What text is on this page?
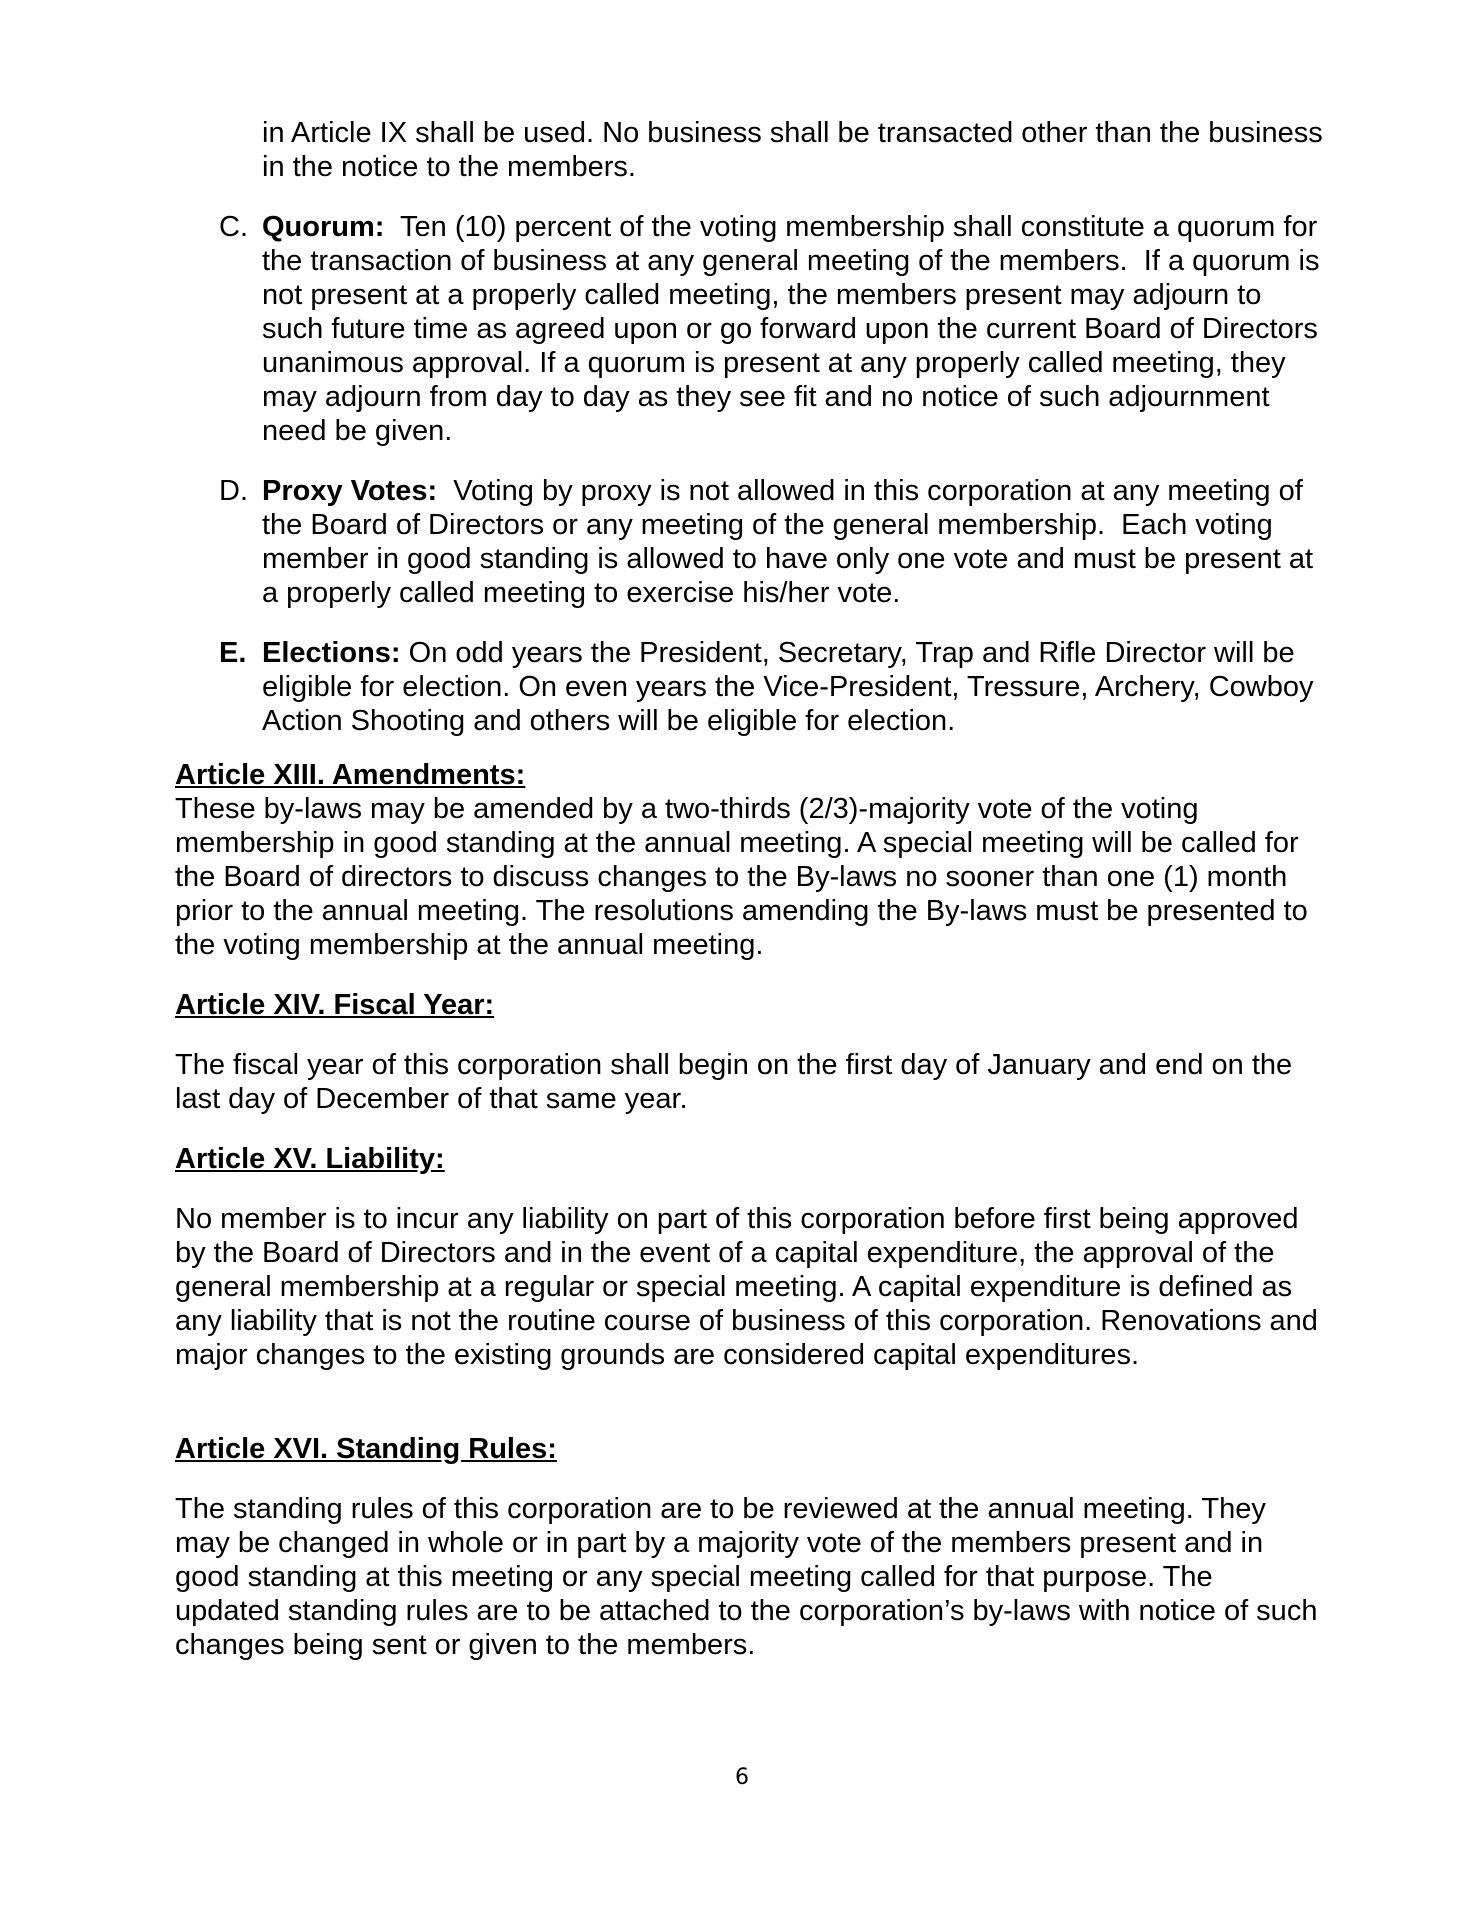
in Article IX shall be used. No business shall be transacted other than the business in the notice to the members.
C. Quorum:  Ten (10) percent of the voting membership shall constitute a quorum for the transaction of business at any general meeting of the members.  If a quorum is not present at a properly called meeting, the members present may adjourn to such future time as agreed upon or go forward upon the current Board of Directors unanimous approval. If a quorum is present at any properly called meeting, they may adjourn from day to day as they see fit and no notice of such adjournment need be given.
D. Proxy Votes:  Voting by proxy is not allowed in this corporation at any meeting of the Board of Directors or any meeting of the general membership.  Each voting member in good standing is allowed to have only one vote and must be present at a properly called meeting to exercise his/her vote.
E. Elections: On odd years the President, Secretary, Trap and Rifle Director will be eligible for election. On even years the Vice-President, Tressure, Archery, Cowboy Action Shooting and others will be eligible for election.
Article XIII. Amendments:
These by-laws may be amended by a two-thirds (2/3)-majority vote of the voting membership in good standing at the annual meeting. A special meeting will be called for the Board of directors to discuss changes to the By-laws no sooner than one (1) month prior to the annual meeting. The resolutions amending the By-laws must be presented to the voting membership at the annual meeting.
Article XIV. Fiscal Year:
The fiscal year of this corporation shall begin on the first day of January and end on the last day of December of that same year.
Article XV. Liability:
No member is to incur any liability on part of this corporation before first being approved by the Board of Directors and in the event of a capital expenditure, the approval of the general membership at a regular or special meeting. A capital expenditure is defined as any liability that is not the routine course of business of this corporation. Renovations and major changes to the existing grounds are considered capital expenditures.
Article XVI. Standing Rules:
The standing rules of this corporation are to be reviewed at the annual meeting. They may be changed in whole or in part by a majority vote of the members present and in good standing at this meeting or any special meeting called for that purpose. The updated standing rules are to be attached to the corporation’s by-laws with notice of such changes being sent or given to the members.
6
